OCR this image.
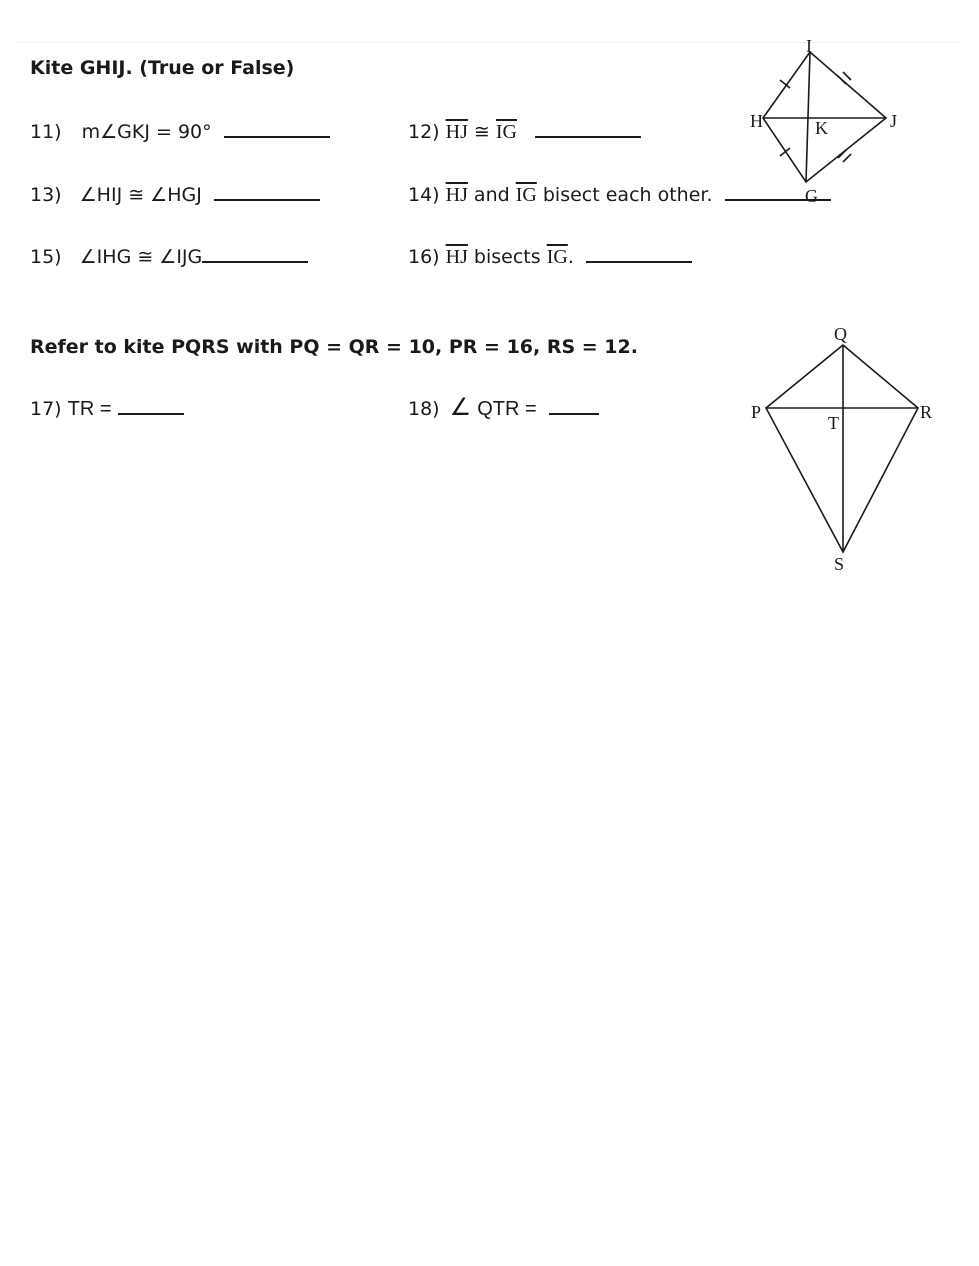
Kite GHIJ. (True or False)
11) m∠GKJ = 90°	12) $\overline{HJ}$ ≅ $\overline{IG}$
13) ∠HIJ ≅ ∠HGJ	14) $\overline{HJ}$ and $\overline{IG}$ bisect each other.
15) ∠IHG ≅ ∠IJG	16) $\overline{HJ}$ bisects $\overline{IG}$.
I
H	J
G
K
Refer to kite PQRS with PQ = QR = 10, PR = 16, RS = 12.
17) TR =	18) ∠ QTR =
Q
P	R
T
S
